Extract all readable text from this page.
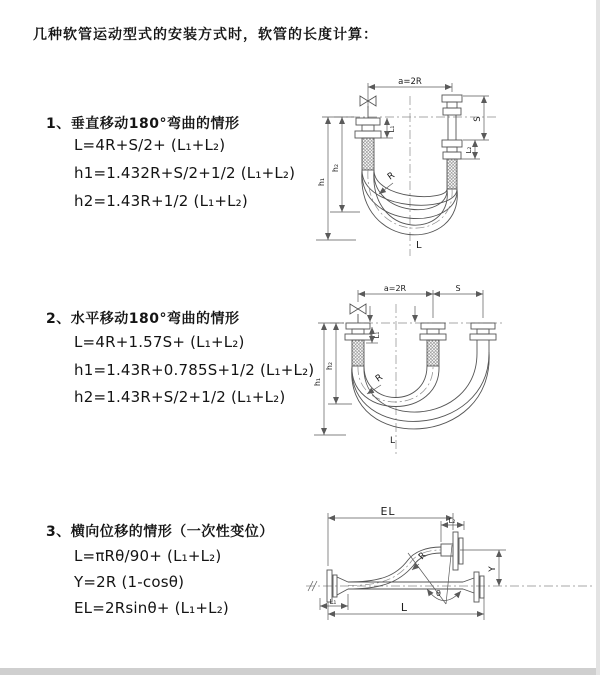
几种软管运动型式的安装方式时，软管的长度计算：
1、垂直移动180°弯曲的情形
L=4R+S/2+ (L₁+L₂)
h1=1.432R+S/2+1/2 (L₁+L₂)
h2=1.43R+1/2 (L₁+L₂)
2、水平移动180°弯曲的情形
L=4R+1.57S+ (L₁+L₂)
h1=1.43R+0.785S+1/2 (L₁+L₂)
h2=1.43R+S/2+1/2 (L₁+L₂)
3、横向位移的情形（一次性变位）
L=πRθ/90+ (L₁+L₂)
Y=2R (1-cosθ)
EL=2Rsinθ+ (L₁+L₂)
a=2R
R
L
h₂
h₁
L₁
S
L₂
a=2R	S
h₂
h₁
L₁
R
L
θ
R
EL
L₂
Y
L
L₁
